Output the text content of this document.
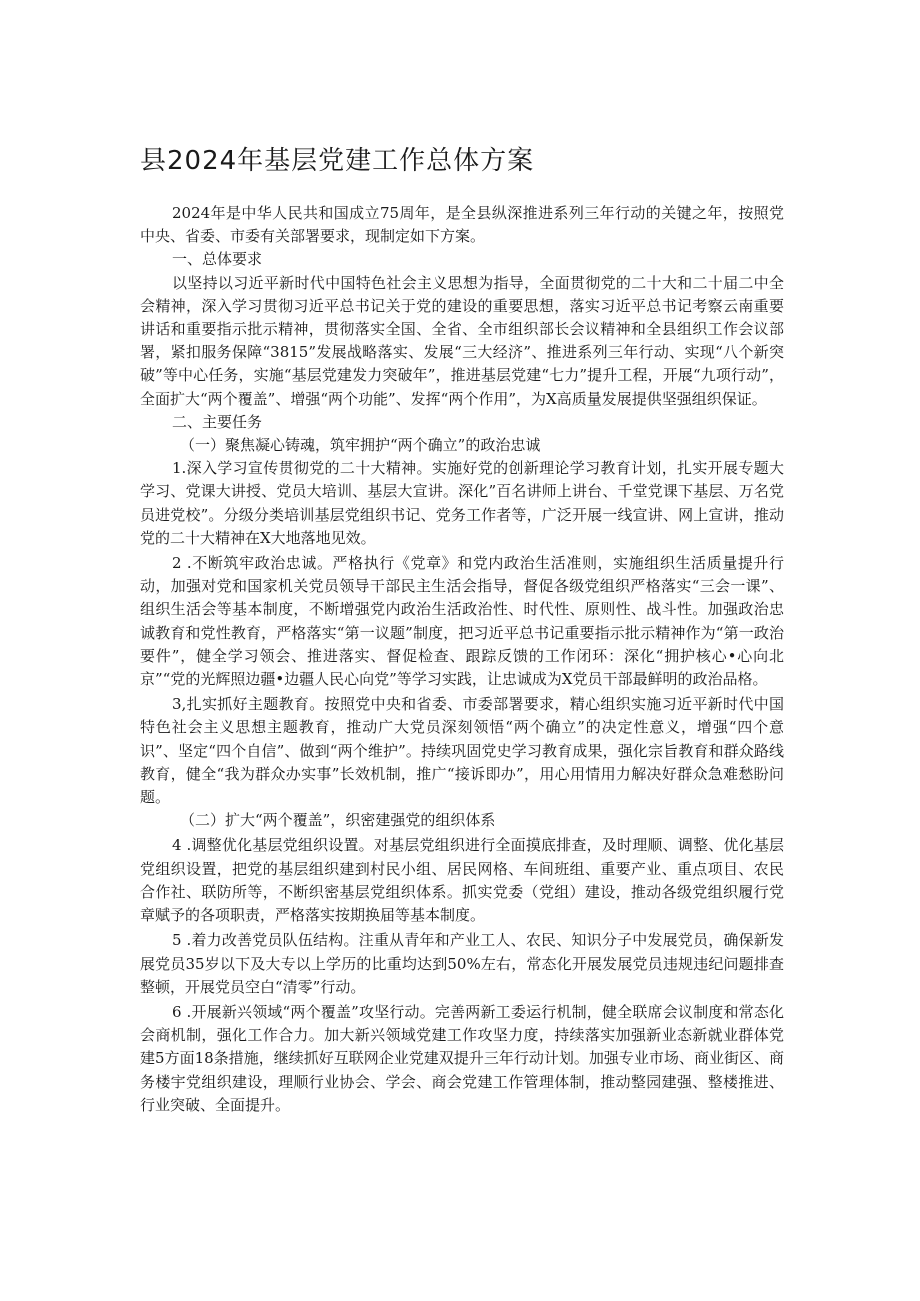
县2024年基层党建工作总体方案

2024年是中华人民共和国成立75周年，是全县纵深推进系列三年行动的关键之年，按照党中央、省委、市委有关部署要求，现制定如下方案。

一、总体要求

以坚持以习近平新时代中国特色社会主义思想为指导，全面贯彻党的二十大和二十届二中全会精神，深入学习贯彻习近平总书记关于党的建设的重要思想，落实习近平总书记考察云南重要讲话和重要指示批示精神，贯彻落实全国、全省、全市组织部长会议精神和全县组织工作会议部署，紧扣服务保障“3815”发展战略落实、发展“三大经济”、推进系列三年行动、实现“八个新突破”等中心任务，实施“基层党建发力突破年”，推进基层党建“七力”提升工程，开展“九项行动”，全面扩大“两个覆盖”、增强“两个功能”、发挥“两个作用”，为X高质量发展提供坚强组织保证。

二、主要任务

（一）聚焦凝心铸魂，筑牢拥护“两个确立”的政治忠诚

1.深入学习宣传贯彻党的二十大精神。实施好党的创新理论学习教育计划，扎实开展专题大学习、党课大讲授、党员大培训、基层大宣讲。深化”百名讲师上讲台、千堂党课下基层、万名党员进党校”。分级分类培训基层党组织书记、党务工作者等，广泛开展一线宣讲、网上宣讲，推动党的二十大精神在X大地落地见效。

2 .不断筑牢政治忠诚。严格执行《党章》和党内政治生活准则，实施组织生活质量提升行动，加强对党和国家机关党员领导干部民主生活会指导，督促各级党组织严格落实“三会一课”、组织生活会等基本制度，不断增强党内政治生活政治性、时代性、原则性、战斗性。加强政治忠诚教育和党性教育，严格落实“第一议题”制度，把习近平总书记重要指示批示精神作为“第一政治要件”，健全学习领会、推进落实、督促检查、跟踪反馈的工作闭环：深化“拥护核心•心向北京”“党的光辉照边疆•边疆人民心向党”等学习实践，让忠诚成为X党员干部最鲜明的政治品格。

3,扎实抓好主题教育。按照党中央和省委、市委部署要求，精心组织实施习近平新时代中国特色社会主义思想主题教育，推动广大党员深刻领悟“两个确立”的决定性意义，增强“四个意识”、坚定“四个自信”、做到“两个维护”。持续巩固党史学习教育成果，强化宗旨教育和群众路线教育，健全“我为群众办实事”长效机制，推广“接诉即办”，用心用情用力解决好群众急难愁盼问题。

（二）扩大“两个覆盖”，织密建强党的组织体系

4 .调整优化基层党组织设置。对基层党组织进行全面摸底排查，及时理顺、调整、优化基层党组织设置，把党的基层组织建到村民小组、居民网格、车间班组、重要产业、重点项目、农民合作社、联防所等，不断织密基层党组织体系。抓实党委（党组）建设，推动各级党组织履行党章赋予的各项职责，严格落实按期换届等基本制度。

5 .着力改善党员队伍结构。注重从青年和产业工人、农民、知识分子中发展党员，确保新发展党员35岁以下及大专以上学历的比重均达到50%左右，常态化开展发展党员违规违纪问题排查整顿，开展党员空白“清零”行动。

6 .开展新兴领域“两个覆盖”攻坚行动。完善两新工委运行机制，健全联席会议制度和常态化会商机制，强化工作合力。加大新兴领域党建工作攻坚力度，持续落实加强新业态新就业群体党建5方面18条措施，继续抓好互联网企业党建双提升三年行动计划。加强专业市场、商业街区、商务楼宇党组织建设，理顺行业协会、学会、商会党建工作管理体制，推动整园建强、整楼推进、行业突破、全面提升。
